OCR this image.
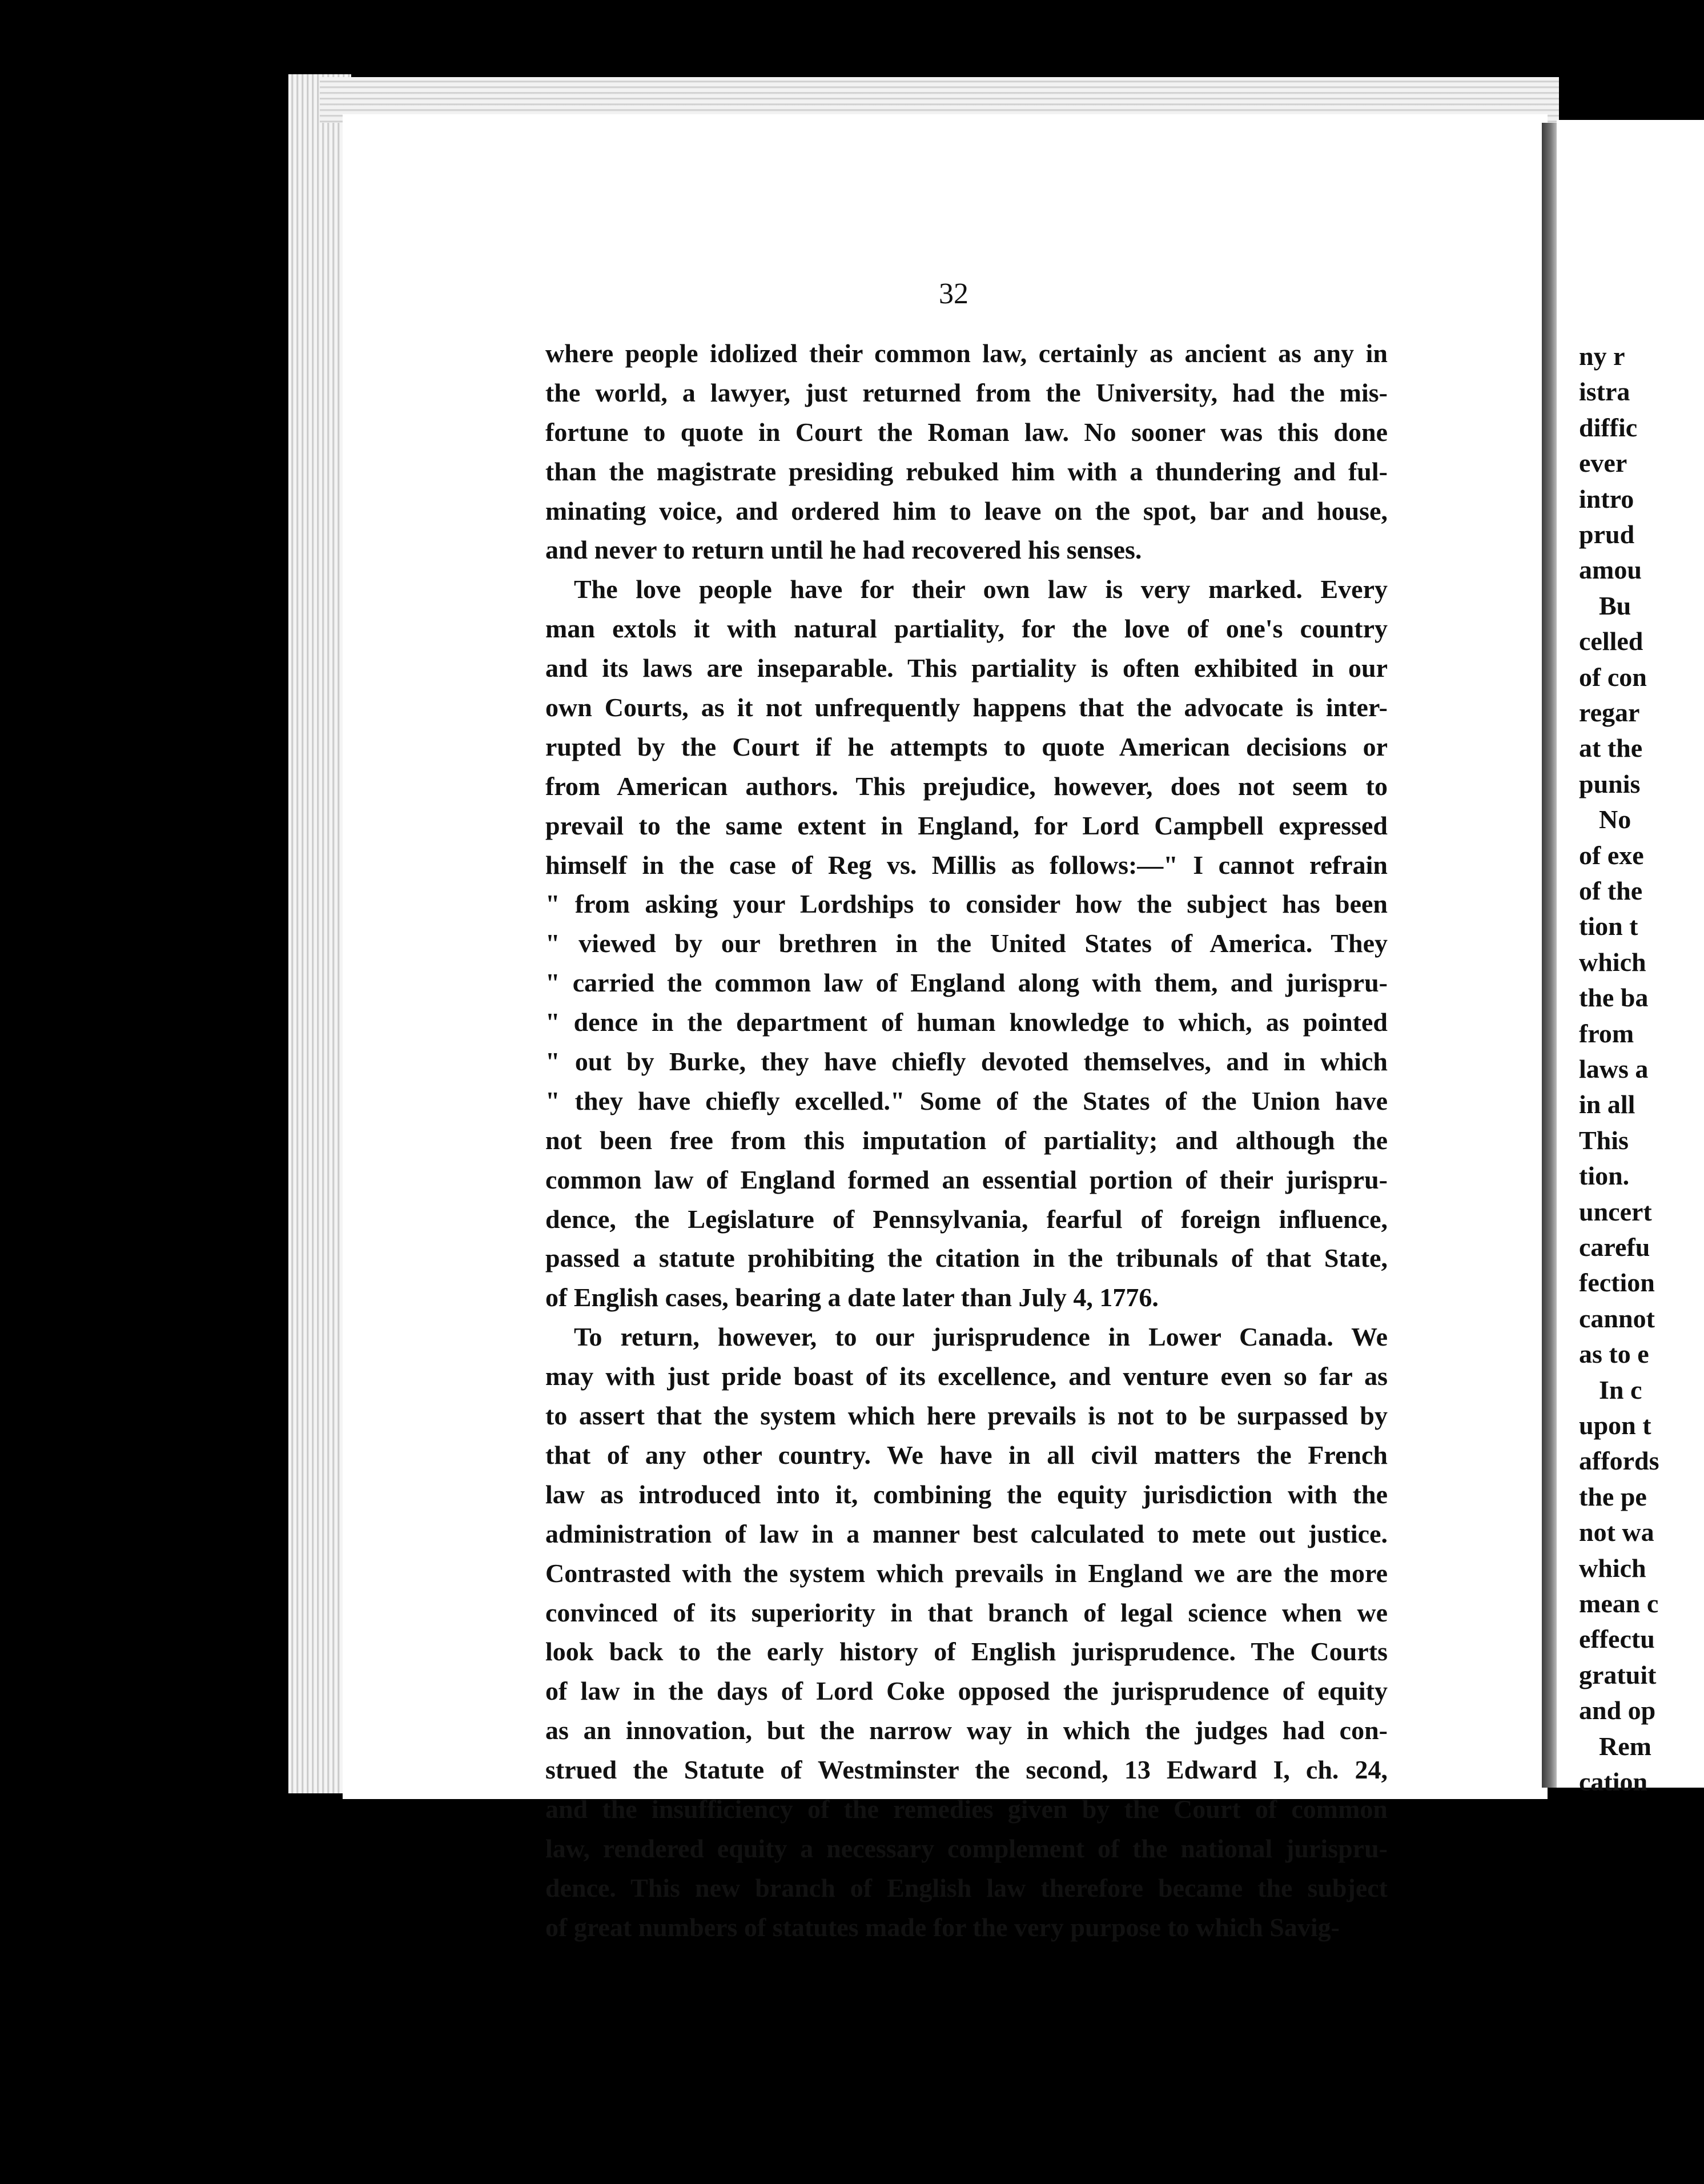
32
where people idolized their common law, certainly as ancient as any in
the world, a lawyer, just returned from the University, had the mis-
fortune to quote in Court the Roman law. No sooner was this done
than the magistrate presiding rebuked him with a thundering and ful-
minating voice, and ordered him to leave on the spot, bar and house,
and never to return until he had recovered his senses.
The love people have for their own law is very marked. Every
man extols it with natural partiality, for the love of one's country
and its laws are inseparable. This partiality is often exhibited in our
own Courts, as it not unfrequently happens that the advocate is inter-
rupted by the Court if he attempts to quote American decisions or
from American authors. This prejudice, however, does not seem to
prevail to the same extent in England, for Lord Campbell expressed
himself in the case of Reg vs. Millis as follows:—" I cannot refrain
" from asking your Lordships to consider how the subject has been
" viewed by our brethren in the United States of America. They
" carried the common law of England along with them, and jurispru-
" dence in the department of human knowledge to which, as pointed
" out by Burke, they have chiefly devoted themselves, and in which
" they have chiefly excelled." Some of the States of the Union have
not been free from this imputation of partiality; and although the
common law of England formed an essential portion of their jurispru-
dence, the Legislature of Pennsylvania, fearful of foreign influence,
passed a statute prohibiting the citation in the tribunals of that State,
of English cases, bearing a date later than July 4, 1776.
To return, however, to our jurisprudence in Lower Canada. We
may with just pride boast of its excellence, and venture even so far as
to assert that the system which here prevails is not to be surpassed by
that of any other country. We have in all civil matters the French
law as introduced into it, combining the equity jurisdiction with the
administration of law in a manner best calculated to mete out justice.
Contrasted with the system which prevails in England we are the more
convinced of its superiority in that branch of legal science when we
look back to the early history of English jurisprudence. The Courts
of law in the days of Lord Coke opposed the jurisprudence of equity
as an innovation, but the narrow way in which the judges had con-
strued the Statute of Westminster the second, 13 Edward I, ch. 24,
and the insufficiency of the remedies given by the Court of common
law, rendered equity a necessary complement of the national jurispru-
dence. This new branch of English law therefore became the subject
of great numbers of statutes made for the very purpose to which Savig-
ny r
istra
diffic
ever
intro
prud
amou
Bu
celled
of con
regar
at the
punis
No
of exe
of the
tion t
which
the ba
from
laws a
in all
This
tion.
uncert
carefu
fection
cannot
as to e
In c
upon t
affords
the pe
not wa
which
mean c
effectu
gratuit
and op
Rem
cation
